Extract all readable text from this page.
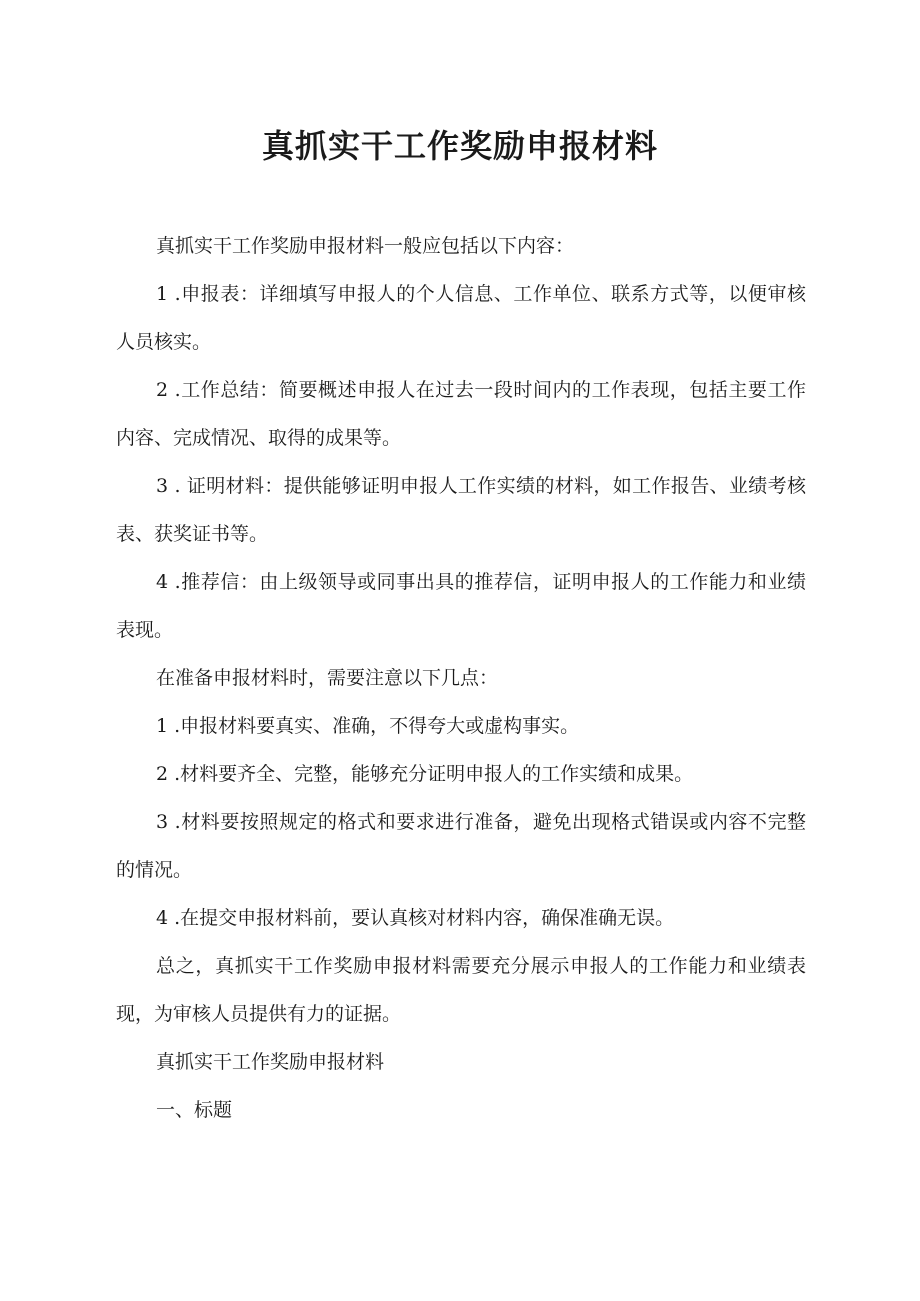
真抓实干工作奖励申报材料

真抓实干工作奖励申报材料一般应包括以下内容：

1 .申报表：详细填写申报人的个人信息、工作单位、联系方式等，以便审核人员核实。

2 .工作总结：简要概述申报人在过去一段时间内的工作表现，包括主要工作内容、完成情况、取得的成果等。

3 . 证明材料：提供能够证明申报人工作实绩的材料，如工作报告、业绩考核表、获奖证书等。

4 .推荐信：由上级领导或同事出具的推荐信，证明申报人的工作能力和业绩表现。

在准备申报材料时，需要注意以下几点：

1 .申报材料要真实、准确，不得夸大或虚构事实。

2 .材料要齐全、完整，能够充分证明申报人的工作实绩和成果。

3 .材料要按照规定的格式和要求进行准备，避免出现格式错误或内容不完整的情况。

4 .在提交申报材料前，要认真核对材料内容，确保准确无误。

总之，真抓实干工作奖励申报材料需要充分展示申报人的工作能力和业绩表现，为审核人员提供有力的证据。

真抓实干工作奖励申报材料

一、标题
